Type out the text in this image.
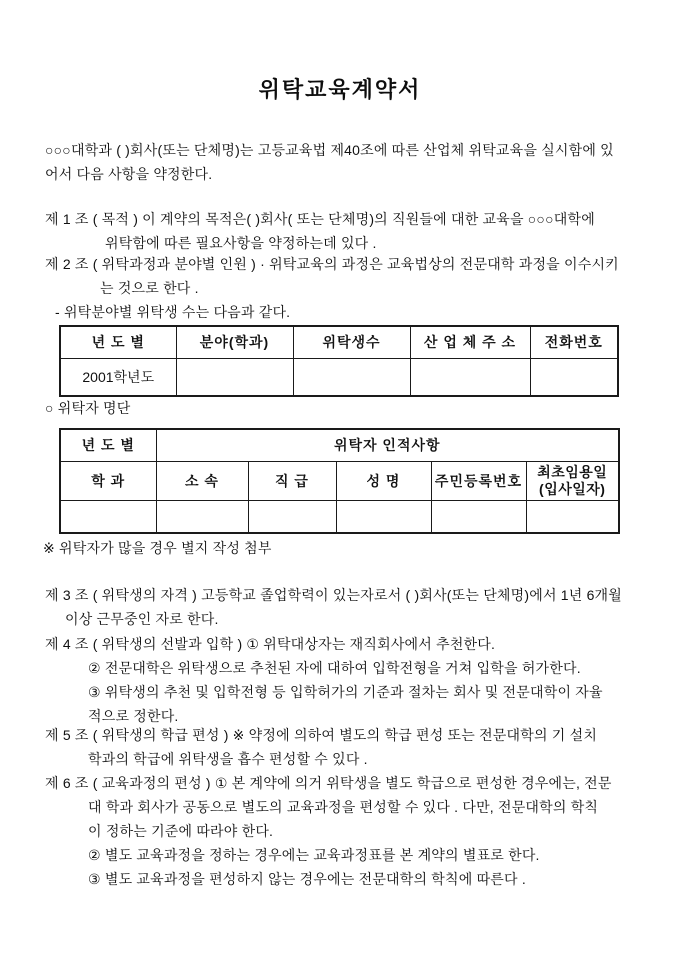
위탁교육계약서
○○○대학과 ( )회사(또는 단체명)는 고등교육법 제40조에 따른 산업체 위탁교육을 실시함에 있
어서 다음 사항을 약정한다.
제 1 조 ( 목적 ) 이 계약의 목적은( )회사( 또는 단체명)의 직원들에 대한 교육을 ○○○대학에
위탁함에 따른 필요사항을 약정하는데 있다 .
제 2 조 ( 위탁과정과 분야별 인원 ) · 위탁교육의 과정은 교육법상의 전문대학 과정을 이수시키
는 것으로 한다 .
- 위탁분야별 위탁생 수는 다음과 같다.
년 도 별	분야(학과)	위탁생수	산 업 체 주 소	전화번호
2001학년도				
○ 위탁자 명단
년 도 별	위탁자 인적사항				
학 과	소 속	직 급	성 명	주민등록번호	최초임용일
(입사일자)

※ 위탁자가 많을 경우 별지 작성 첨부
제 3 조 ( 위탁생의 자격 ) 고등학교 졸업학력이 있는자로서 ( )회사(또는 단체명)에서 1년 6개월
이상 근무중인 자로 한다.
제 4 조 ( 위탁생의 선발과 입학 ) ① 위탁대상자는 재직회사에서 추천한다.
② 전문대학은 위탁생으로 추천된 자에 대하여 입학전형을 거쳐 입학을 허가한다.
③ 위탁생의 추천 및 입학전형 등 입학허가의 기준과 절차는 회사 및 전문대학이 자율
적으로 정한다.
제 5 조 ( 위탁생의 학급 편성 ) ※ 약정에 의하여 별도의 학급 편성 또는 전문대학의 기 설치
학과의 학급에 위탁생을 흡수 편성할 수 있다 .
제 6 조 ( 교육과정의 편성 ) ① 본 계약에 의거 위탁생을 별도 학급으로 편성한 경우에는, 전문
대 학과 회사가 공동으로 별도의 교육과정을 편성할 수 있다 . 다만, 전문대학의 학칙
이 정하는 기준에 따라야 한다.
② 별도 교육과정을 정하는 경우에는 교육과정표를 본 계약의 별표로 한다.
③ 별도 교육과정을 편성하지 않는 경우에는 전문대학의 학칙에 따른다 .
